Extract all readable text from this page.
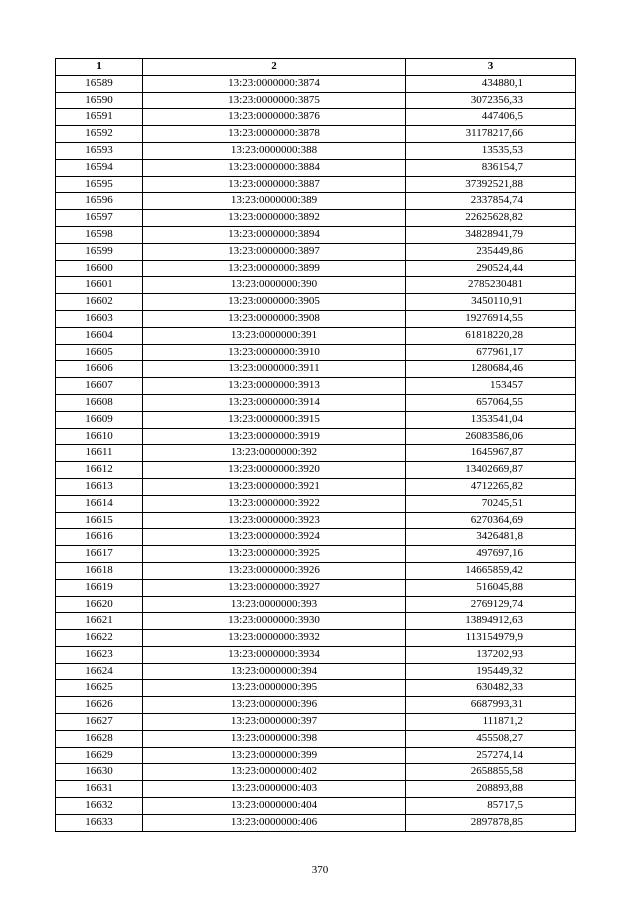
1	2	3
16589	13:23:0000000:3874	434880,1
16590	13:23:0000000:3875	3072356,33
16591	13:23:0000000:3876	447406,5
16592	13:23:0000000:3878	31178217,66
16593	13:23:0000000:388	13535,53
16594	13:23:0000000:3884	836154,7
16595	13:23:0000000:3887	37392521,88
16596	13:23:0000000:389	2337854,74
16597	13:23:0000000:3892	22625628,82
16598	13:23:0000000:3894	34828941,79
16599	13:23:0000000:3897	235449,86
16600	13:23:0000000:3899	290524,44
16601	13:23:0000000:390	2785230481
16602	13:23:0000000:3905	3450110,91
16603	13:23:0000000:3908	19276914,55
16604	13:23:0000000:391	61818220,28
16605	13:23:0000000:3910	677961,17
16606	13:23:0000000:3911	1280684,46
16607	13:23:0000000:3913	153457
16608	13:23:0000000:3914	657064,55
16609	13:23:0000000:3915	1353541,04
16610	13:23:0000000:3919	26083586,06
16611	13:23:0000000:392	1645967,87
16612	13:23:0000000:3920	13402669,87
16613	13:23:0000000:3921	4712265,82
16614	13:23:0000000:3922	70245,51
16615	13:23:0000000:3923	6270364,69
16616	13:23:0000000:3924	3426481,8
16617	13:23:0000000:3925	497697,16
16618	13:23:0000000:3926	14665859,42
16619	13:23:0000000:3927	516045,88
16620	13:23:0000000:393	2769129,74
16621	13:23:0000000:3930	13894912,63
16622	13:23:0000000:3932	113154979,9
16623	13:23:0000000:3934	137202,93
16624	13:23:0000000:394	195449,32
16625	13:23:0000000:395	630482,33
16626	13:23:0000000:396	6687993,31
16627	13:23:0000000:397	111871,2
16628	13:23:0000000:398	455508,27
16629	13:23:0000000:399	257274,14
16630	13:23:0000000:402	2658855,58
16631	13:23:0000000:403	208893,88
16632	13:23:0000000:404	85717,5
16633	13:23:0000000:406	2897878,85
370
